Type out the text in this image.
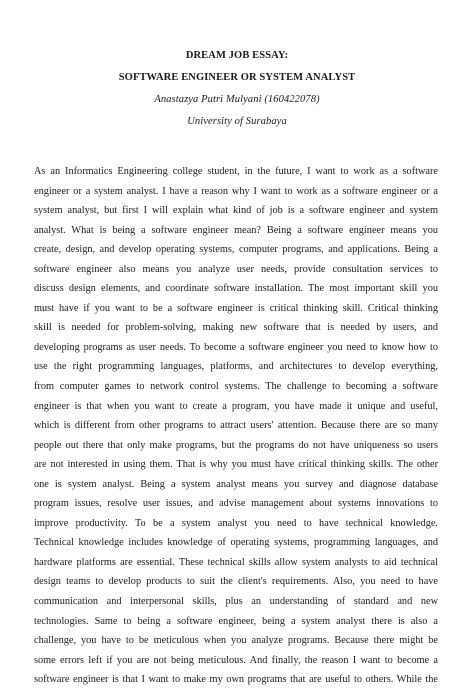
DREAM JOB ESSAY:
SOFTWARE ENGINEER OR SYSTEM ANALYST
Anastazya Putri Mulyani (160422078)
University of Surabaya
As an Informatics Engineering college student, in the future, I want to work as a software
engineer or a system analyst. I have a reason why I want to work as a software engineer or a
system analyst, but first I will explain what kind of job is a software engineer and system
analyst. What is being a software engineer mean? Being a software engineer means you
create, design, and develop operating systems, computer programs, and applications. Being a
software engineer also means you analyze user needs, provide consultation services to
discuss design elements, and coordinate software installation. The most important skill you
must have if you want to be a software engineer is critical thinking skill. Critical thinking
skill is needed for problem-solving, making new software that is needed by users, and
developing programs as user needs. To become a software engineer you need to know how to
use the right programming languages, platforms, and architectures to develop everything,
from computer games to network control systems. The challenge to becoming a software
engineer is that when you want to create a program, you have made it unique and useful,
which is different from other programs to attract users' attention. Because there are so many
people out there that only make programs, but the programs do not have uniqueness so users
are not interested in using them. That is why you must have critical thinking skills. The other
one is system analyst. Being a system analyst means you survey and diagnose database
program issues, resolve user issues, and advise management about systems innovations to
improve productivity. To be a system analyst you need to have technical knowledge.
Technical knowledge includes knowledge of operating systems, programming languages, and
hardware platforms are essential. These technical skills allow system analysts to aid technical
design teams to develop products to suit the client's requirements. Also, you need to have
communication and interpersonal skills, plus an understanding of standard and new
technologies. Same to being a software engineer, being a system analyst there is also a
challenge, you have to be meticulous when you analyze programs. Because there might be
some errors left if you are not being meticulous. And finally, the reason I want to become a
software engineer is that I want to make my own programs that are useful to others. While the
